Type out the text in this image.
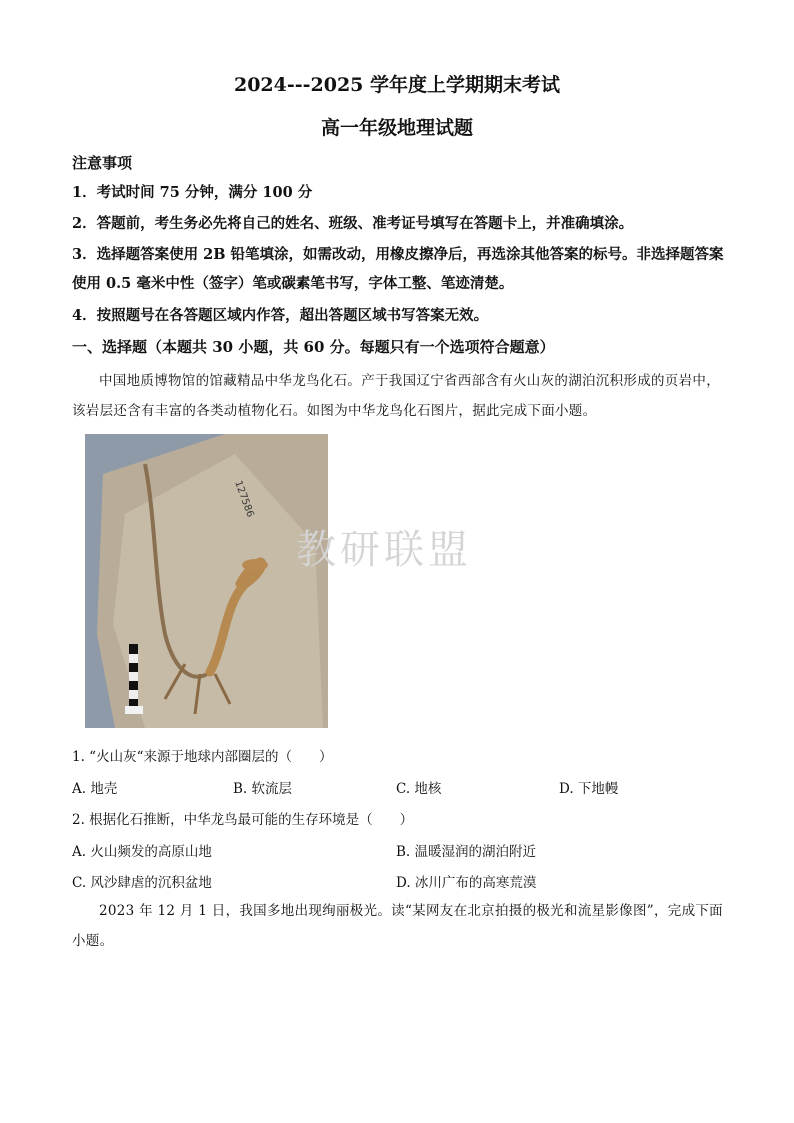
2024---2025 学年度上学期期末考试
高一年级地理试题
注意事项
1．考试时间 75 分钟，满分 100 分
2．答题前，考生务必先将自己的姓名、班级、准考证号填写在答题卡上，并准确填涂。
3．选择题答案使用 2B 铅笔填涂，如需改动，用橡皮擦净后，再选涂其他答案的标号。非选择题答案使用 0.5 毫米中性（签字）笔或碳素笔书写，字体工整、笔迹清楚。
4．按照题号在各答题区域内作答，超出答题区域书写答案无效。
一、选择题（本题共 30 小题，共 60 分。每题只有一个选项符合题意）
中国地质博物馆的馆藏精品中华龙鸟化石。产于我国辽宁省西部含有火山灰的湖泊沉积形成的页岩中，该岩层还含有丰富的各类动植物化石。如图为中华龙鸟化石图片，据此完成下面小题。
127586
教研联盟
1. “火山灰“来源于地球内部圈层的（　　）
A. 地壳	B. 软流层	C. 地核	D. 下地幔
2. 根据化石推断，中华龙鸟最可能的生存环境是（　　）
A. 火山频发的高原山地	B. 温暖湿润的湖泊附近
C. 风沙肆虐的沉积盆地	D. 冰川广布的高寒荒漠
2023 年 12 月 1 日，我国多地出现绚丽极光。读“某网友在北京拍摄的极光和流星影像图”，完成下面小题。
